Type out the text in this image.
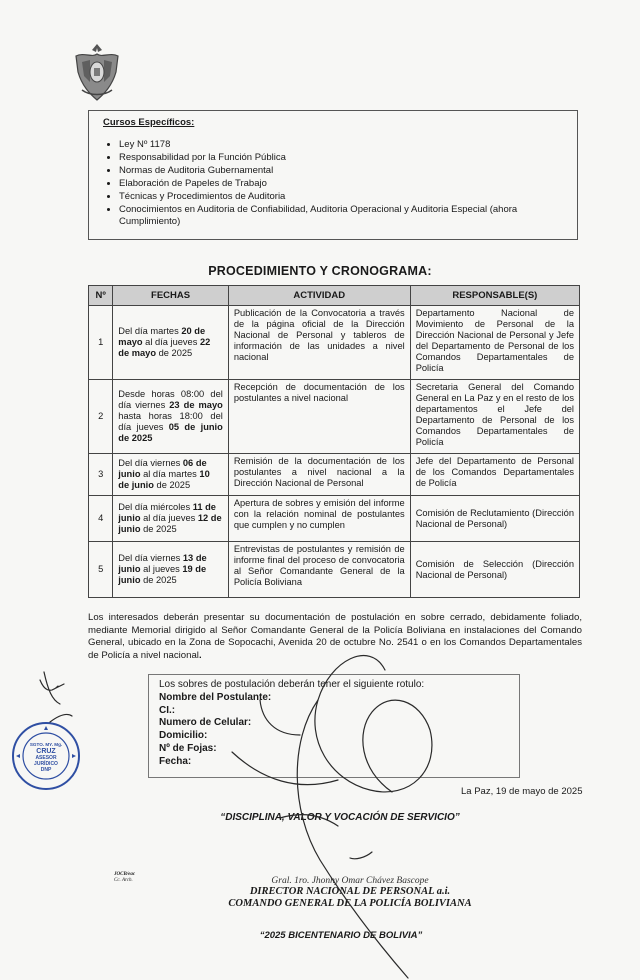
Cursos Específicos:
• Ley Nº 1178
• Responsabilidad por la Función Pública
• Normas de Auditoria Gubernamental
• Elaboración de Papeles de Trabajo
• Técnicas y Procedimientos de Auditoria
• Conocimientos en Auditoria de Confiabilidad, Auditoria Operacional y Auditoria Especial (ahora Cumplimiento)
PROCEDIMIENTO Y CRONOGRAMA:
Nº	FECHAS	ACTIVIDAD	RESPONSABLE(S)
1	Del día martes 20 de mayo al día jueves 22 de mayo de 2025	Publicación de la Convocatoria a través de la página oficial de la Dirección Nacional de Personal y tableros de información de las unidades a nivel nacional	Departamento Nacional de Movimiento de Personal de la Dirección Nacional de Personal y Jefe del Departamento de Personal de los Comandos Departamentales de Policía
2	Desde horas 08:00 del día viernes 23 de mayo hasta horas 18:00 del día jueves 05 de junio de 2025	Recepción de documentación de los postulantes a nivel nacional	Secretaria General del Comando General en La Paz y en el resto de los departamentos el Jefe del Departamento de Personal de los Comandos Departamentales de Policía
3	Del día viernes 06 de junio al día martes 10 de junio de 2025	Remisión de la documentación de los postulantes a nivel nacional a la Dirección Nacional de Personal	Jefe del Departamento de Personal de los Comandos Departamentales de Policía
4	Del día miércoles 11 de junio al día jueves 12 de junio de 2025	Apertura de sobres y emisión del informe con la relación nominal de postulantes que cumplen y no cumplen	Comisión de Reclutamiento (Dirección Nacional de Personal)
5	Del día viernes 13 de junio al jueves 19 de junio de 2025	Entrevistas de postulantes y remisión de informe final del proceso de convocatoria al Señor Comandante General de la Policía Boliviana	Comisión de Selección (Dirección Nacional de Personal)
Los interesados deberán presentar su documentación de postulación en sobre cerrado, debidamente foliado, mediante Memorial dirigido al Señor Comandante General de la Policía Boliviana en instalaciones del Comando General, ubicado en la Zona de Sopocachi, Avenida 20 de octubre No. 2541 o en los Comandos Departamentales de Policía a nivel nacional.
Los sobres de postulación deberán tener el siguiente rotulo:
Nombre del Postulante:
CI.:
Numero de Celular:
Domicilio:
Nº de Fojas:
Fecha:
La Paz, 19 de mayo de 2025
“DISCIPLINA, VALOR Y VOCACIÓN DE SERVICIO”
JOCB/eac
Cc. Arch.	Gral. 1ro. Jhonny Omar Chávez Bascope
DIRECTOR NACIONAL DE PERSONAL a.i.
COMANDO GENERAL DE LA POLICÍA BOLIVIANA
“2025 BICENTENARIO DE BOLIVIA”
SGTO. MY. Mg.
CRUZ
ASESOR
JURÍDICO
DNP
